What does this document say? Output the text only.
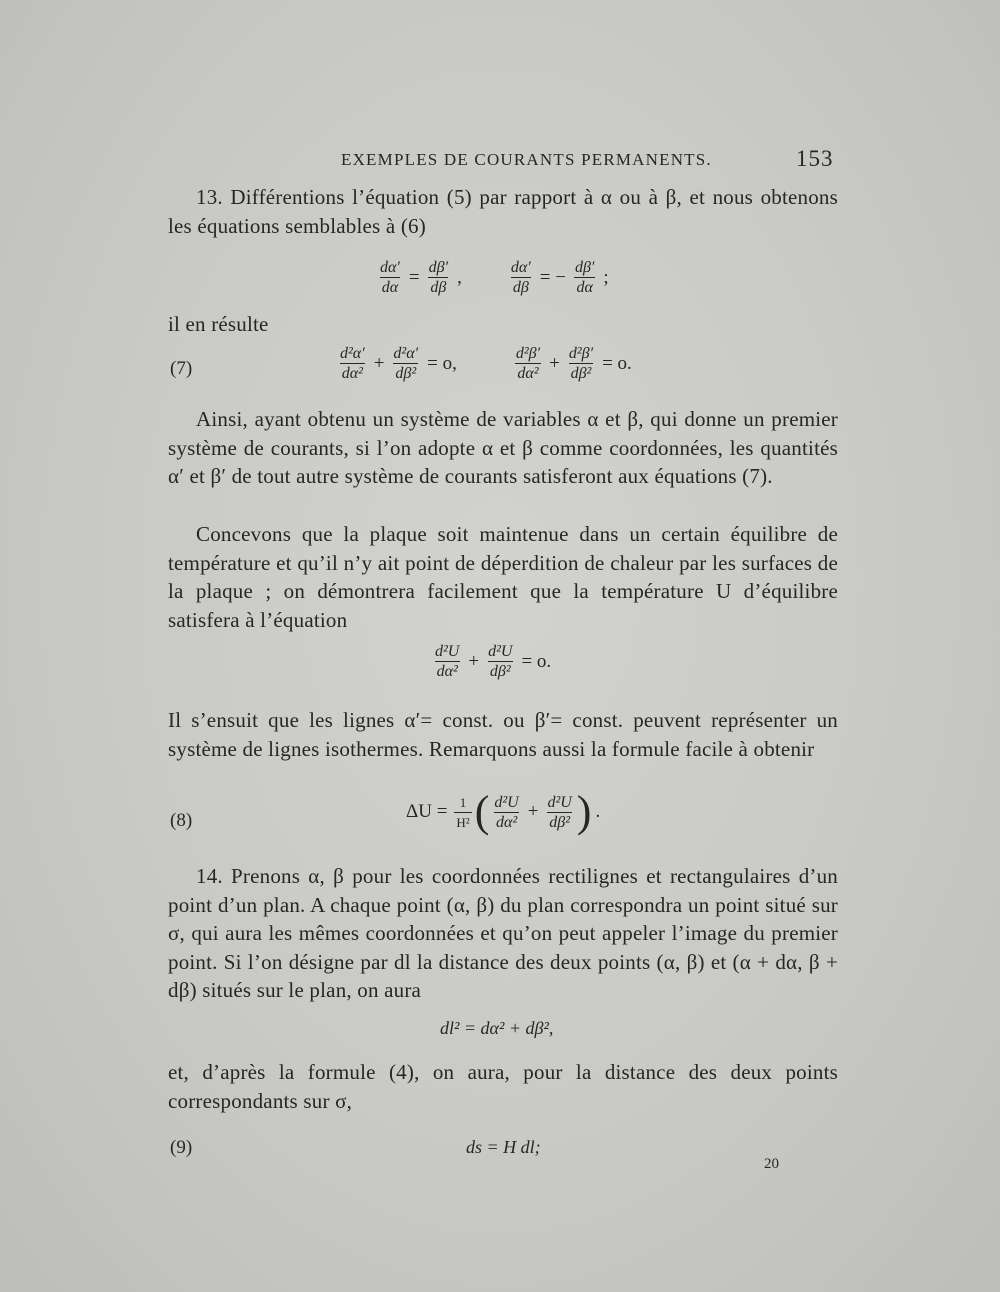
EXEMPLES DE COURANTS PERMANENTS.	153
13. Différentions l’équation (5) par rapport à α ou à β, et nous obtenons les équations semblables à (6)
$\frac{d\alpha'}{d\alpha} = \frac{d\beta'}{d\beta}$ ,	$\frac{d\alpha'}{d\beta}$ = − $\frac{d\beta'}{d\alpha}$ ;
il en résulte
(7)	$\frac{\text{d²α′}}{\text{dα²}} + \frac{\text{d²α′}}{\text{dβ²}} = o$,	$\frac{\text{d²β′}}{\text{dα²}} + \frac{\text{d²β′}}{\text{dβ²}} = o$.
Ainsi, ayant obtenu un système de variables α et β, qui donne un premier système de courants, si l’on adopte α et β comme coordonnées, les quantités α′ et β′ de tout autre système de courants satisferont aux équations (7).
Concevons que la plaque soit maintenue dans un certain équilibre de température et qu’il n’y ait point de déperdition de chaleur par les surfaces de la plaque ; on démontrera facilement que la température U d’équilibre satisfera à l’équation
$\frac{\text{d²U}}{\text{dα²}} + \frac{\text{d²U}}{\text{dβ²}} = o$.
Il s’ensuit que les lignes α′= const. ou β′= const. peuvent représenter un système de lignes isothermes. Remarquons aussi la formule facile à obtenir
(8)	$\Delta U = \frac{1}{\text{H²}}$ ( $\frac{\text{d²U}}{\text{dα²}} + \frac{\text{d²U}}{\text{dβ²}}$ ) .
14. Prenons α, β pour les coordonnées rectilignes et rectangulaires d’un point d’un plan. A chaque point (α, β) du plan correspondra un point situé sur σ, qui aura les mêmes coordonnées et qu’on peut appeler l’image du premier point. Si l’on désigne par dl la distance des deux points (α, β) et (α + dα, β + dβ) situés sur le plan, on aura
dl² = dα² + dβ²,
et, d’après la formule (4), on aura, pour la distance des deux points correspondants sur σ,
(9)	ds = H dl;
20
